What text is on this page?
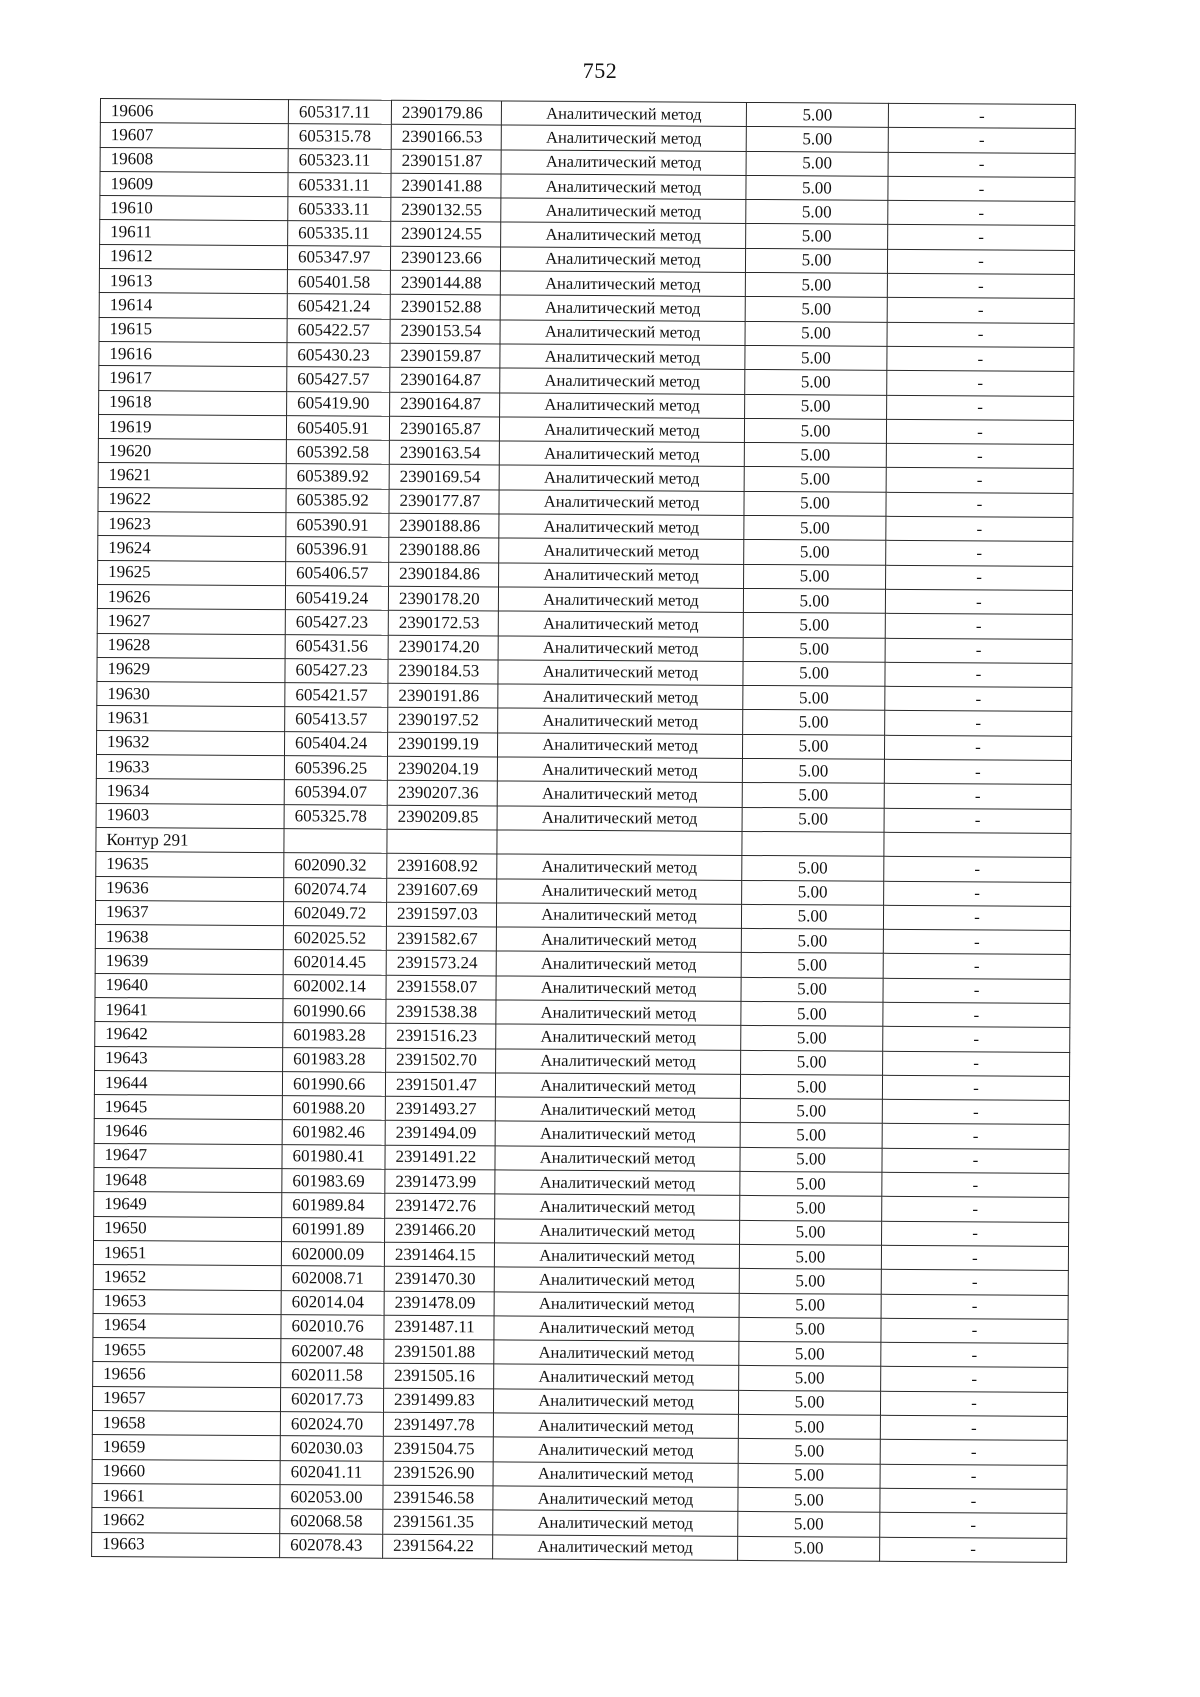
752
19606	605317.11	2390179.86	Аналитический метод	5.00	-
19607	605315.78	2390166.53	Аналитический метод	5.00	-
19608	605323.11	2390151.87	Аналитический метод	5.00	-
19609	605331.11	2390141.88	Аналитический метод	5.00	-
19610	605333.11	2390132.55	Аналитический метод	5.00	-
19611	605335.11	2390124.55	Аналитический метод	5.00	-
19612	605347.97	2390123.66	Аналитический метод	5.00	-
19613	605401.58	2390144.88	Аналитический метод	5.00	-
19614	605421.24	2390152.88	Аналитический метод	5.00	-
19615	605422.57	2390153.54	Аналитический метод	5.00	-
19616	605430.23	2390159.87	Аналитический метод	5.00	-
19617	605427.57	2390164.87	Аналитический метод	5.00	-
19618	605419.90	2390164.87	Аналитический метод	5.00	-
19619	605405.91	2390165.87	Аналитический метод	5.00	-
19620	605392.58	2390163.54	Аналитический метод	5.00	-
19621	605389.92	2390169.54	Аналитический метод	5.00	-
19622	605385.92	2390177.87	Аналитический метод	5.00	-
19623	605390.91	2390188.86	Аналитический метод	5.00	-
19624	605396.91	2390188.86	Аналитический метод	5.00	-
19625	605406.57	2390184.86	Аналитический метод	5.00	-
19626	605419.24	2390178.20	Аналитический метод	5.00	-
19627	605427.23	2390172.53	Аналитический метод	5.00	-
19628	605431.56	2390174.20	Аналитический метод	5.00	-
19629	605427.23	2390184.53	Аналитический метод	5.00	-
19630	605421.57	2390191.86	Аналитический метод	5.00	-
19631	605413.57	2390197.52	Аналитический метод	5.00	-
19632	605404.24	2390199.19	Аналитический метод	5.00	-
19633	605396.25	2390204.19	Аналитический метод	5.00	-
19634	605394.07	2390207.36	Аналитический метод	5.00	-
19603	605325.78	2390209.85	Аналитический метод	5.00	-
Контур 291					
19635	602090.32	2391608.92	Аналитический метод	5.00	-
19636	602074.74	2391607.69	Аналитический метод	5.00	-
19637	602049.72	2391597.03	Аналитический метод	5.00	-
19638	602025.52	2391582.67	Аналитический метод	5.00	-
19639	602014.45	2391573.24	Аналитический метод	5.00	-
19640	602002.14	2391558.07	Аналитический метод	5.00	-
19641	601990.66	2391538.38	Аналитический метод	5.00	-
19642	601983.28	2391516.23	Аналитический метод	5.00	-
19643	601983.28	2391502.70	Аналитический метод	5.00	-
19644	601990.66	2391501.47	Аналитический метод	5.00	-
19645	601988.20	2391493.27	Аналитический метод	5.00	-
19646	601982.46	2391494.09	Аналитический метод	5.00	-
19647	601980.41	2391491.22	Аналитический метод	5.00	-
19648	601983.69	2391473.99	Аналитический метод	5.00	-
19649	601989.84	2391472.76	Аналитический метод	5.00	-
19650	601991.89	2391466.20	Аналитический метод	5.00	-
19651	602000.09	2391464.15	Аналитический метод	5.00	-
19652	602008.71	2391470.30	Аналитический метод	5.00	-
19653	602014.04	2391478.09	Аналитический метод	5.00	-
19654	602010.76	2391487.11	Аналитический метод	5.00	-
19655	602007.48	2391501.88	Аналитический метод	5.00	-
19656	602011.58	2391505.16	Аналитический метод	5.00	-
19657	602017.73	2391499.83	Аналитический метод	5.00	-
19658	602024.70	2391497.78	Аналитический метод	5.00	-
19659	602030.03	2391504.75	Аналитический метод	5.00	-
19660	602041.11	2391526.90	Аналитический метод	5.00	-
19661	602053.00	2391546.58	Аналитический метод	5.00	-
19662	602068.58	2391561.35	Аналитический метод	5.00	-
19663	602078.43	2391564.22	Аналитический метод	5.00	-
